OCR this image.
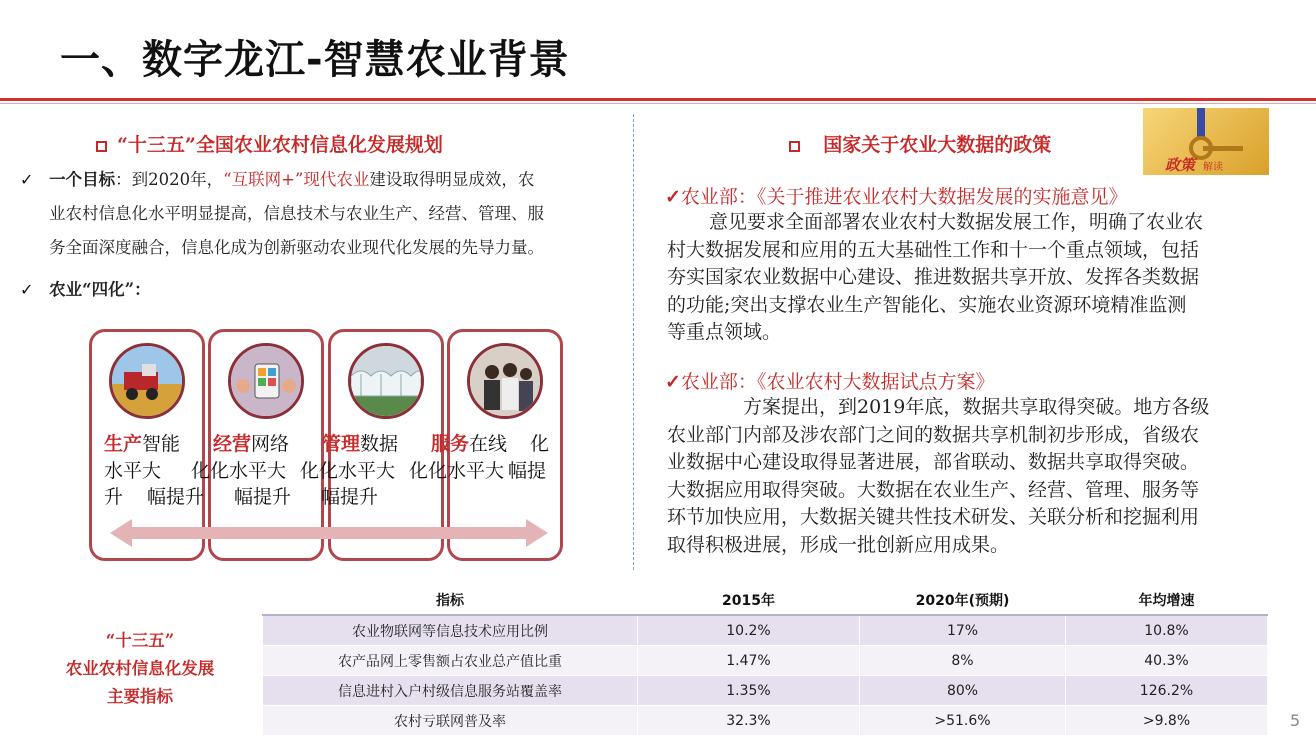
一、数字龙江-智慧农业背景
“十三五”全国农业农村信息化发展规划
✓ 一个目标：到2020年，“互联网+”现代农业建设取得明显成效，农
业农村信息化水平明显提高，信息技术与农业生产、经营、管理、服
务全面深度融合，信息化成为创新驱动农业现代化发展的先导力量。
✓ 农业“四化”：
生产智能 经营网络 管理数据 服务在线 化
水平大 化 化水平大 化 化水平大 化 化水平大 幅提
升 幅提升 幅提升 幅提升
国家关于农业大数据的政策
政策 解读
✓农业部：《关于推进农业农村大数据发展的实施意见》
意见要求全面部署农业农村大数据发展工作，明确了农业农
村大数据发展和应用的五大基础性工作和十一个重点领域，包括
夯实国家农业数据中心建设、推进数据共享开放、发挥各类数据
的功能;突出支撑农业生产智能化、实施农业资源环境精准监测
等重点领域。
✓农业部：《农业农村大数据试点方案》
方案提出，到2019年底，数据共享取得突破。地方各级
农业部门内部及涉农部门之间的数据共享机制初步形成，省级农
业数据中心建设取得显著进展，部省联动、数据共享取得突破。
大数据应用取得突破。大数据在农业生产、经营、管理、服务等
环节加快应用，大数据关键共性技术研发、关联分析和挖掘利用
取得积极进展，形成一批创新应用成果。
“十三五”
农业农村信息化发展
主要指标
指标	2015年	2020年(预期)	年均增速
农业物联网等信息技术应用比例	10.2%	17%	10.8%
农产品网上零售额占农业总产值比重	1.47%	8%	40.3%
信息进村入户村级信息服务站覆盖率	1.35%	80%	126.2%
农村亏联网普及率	32.3%	>51.6%	>9.8%	5
